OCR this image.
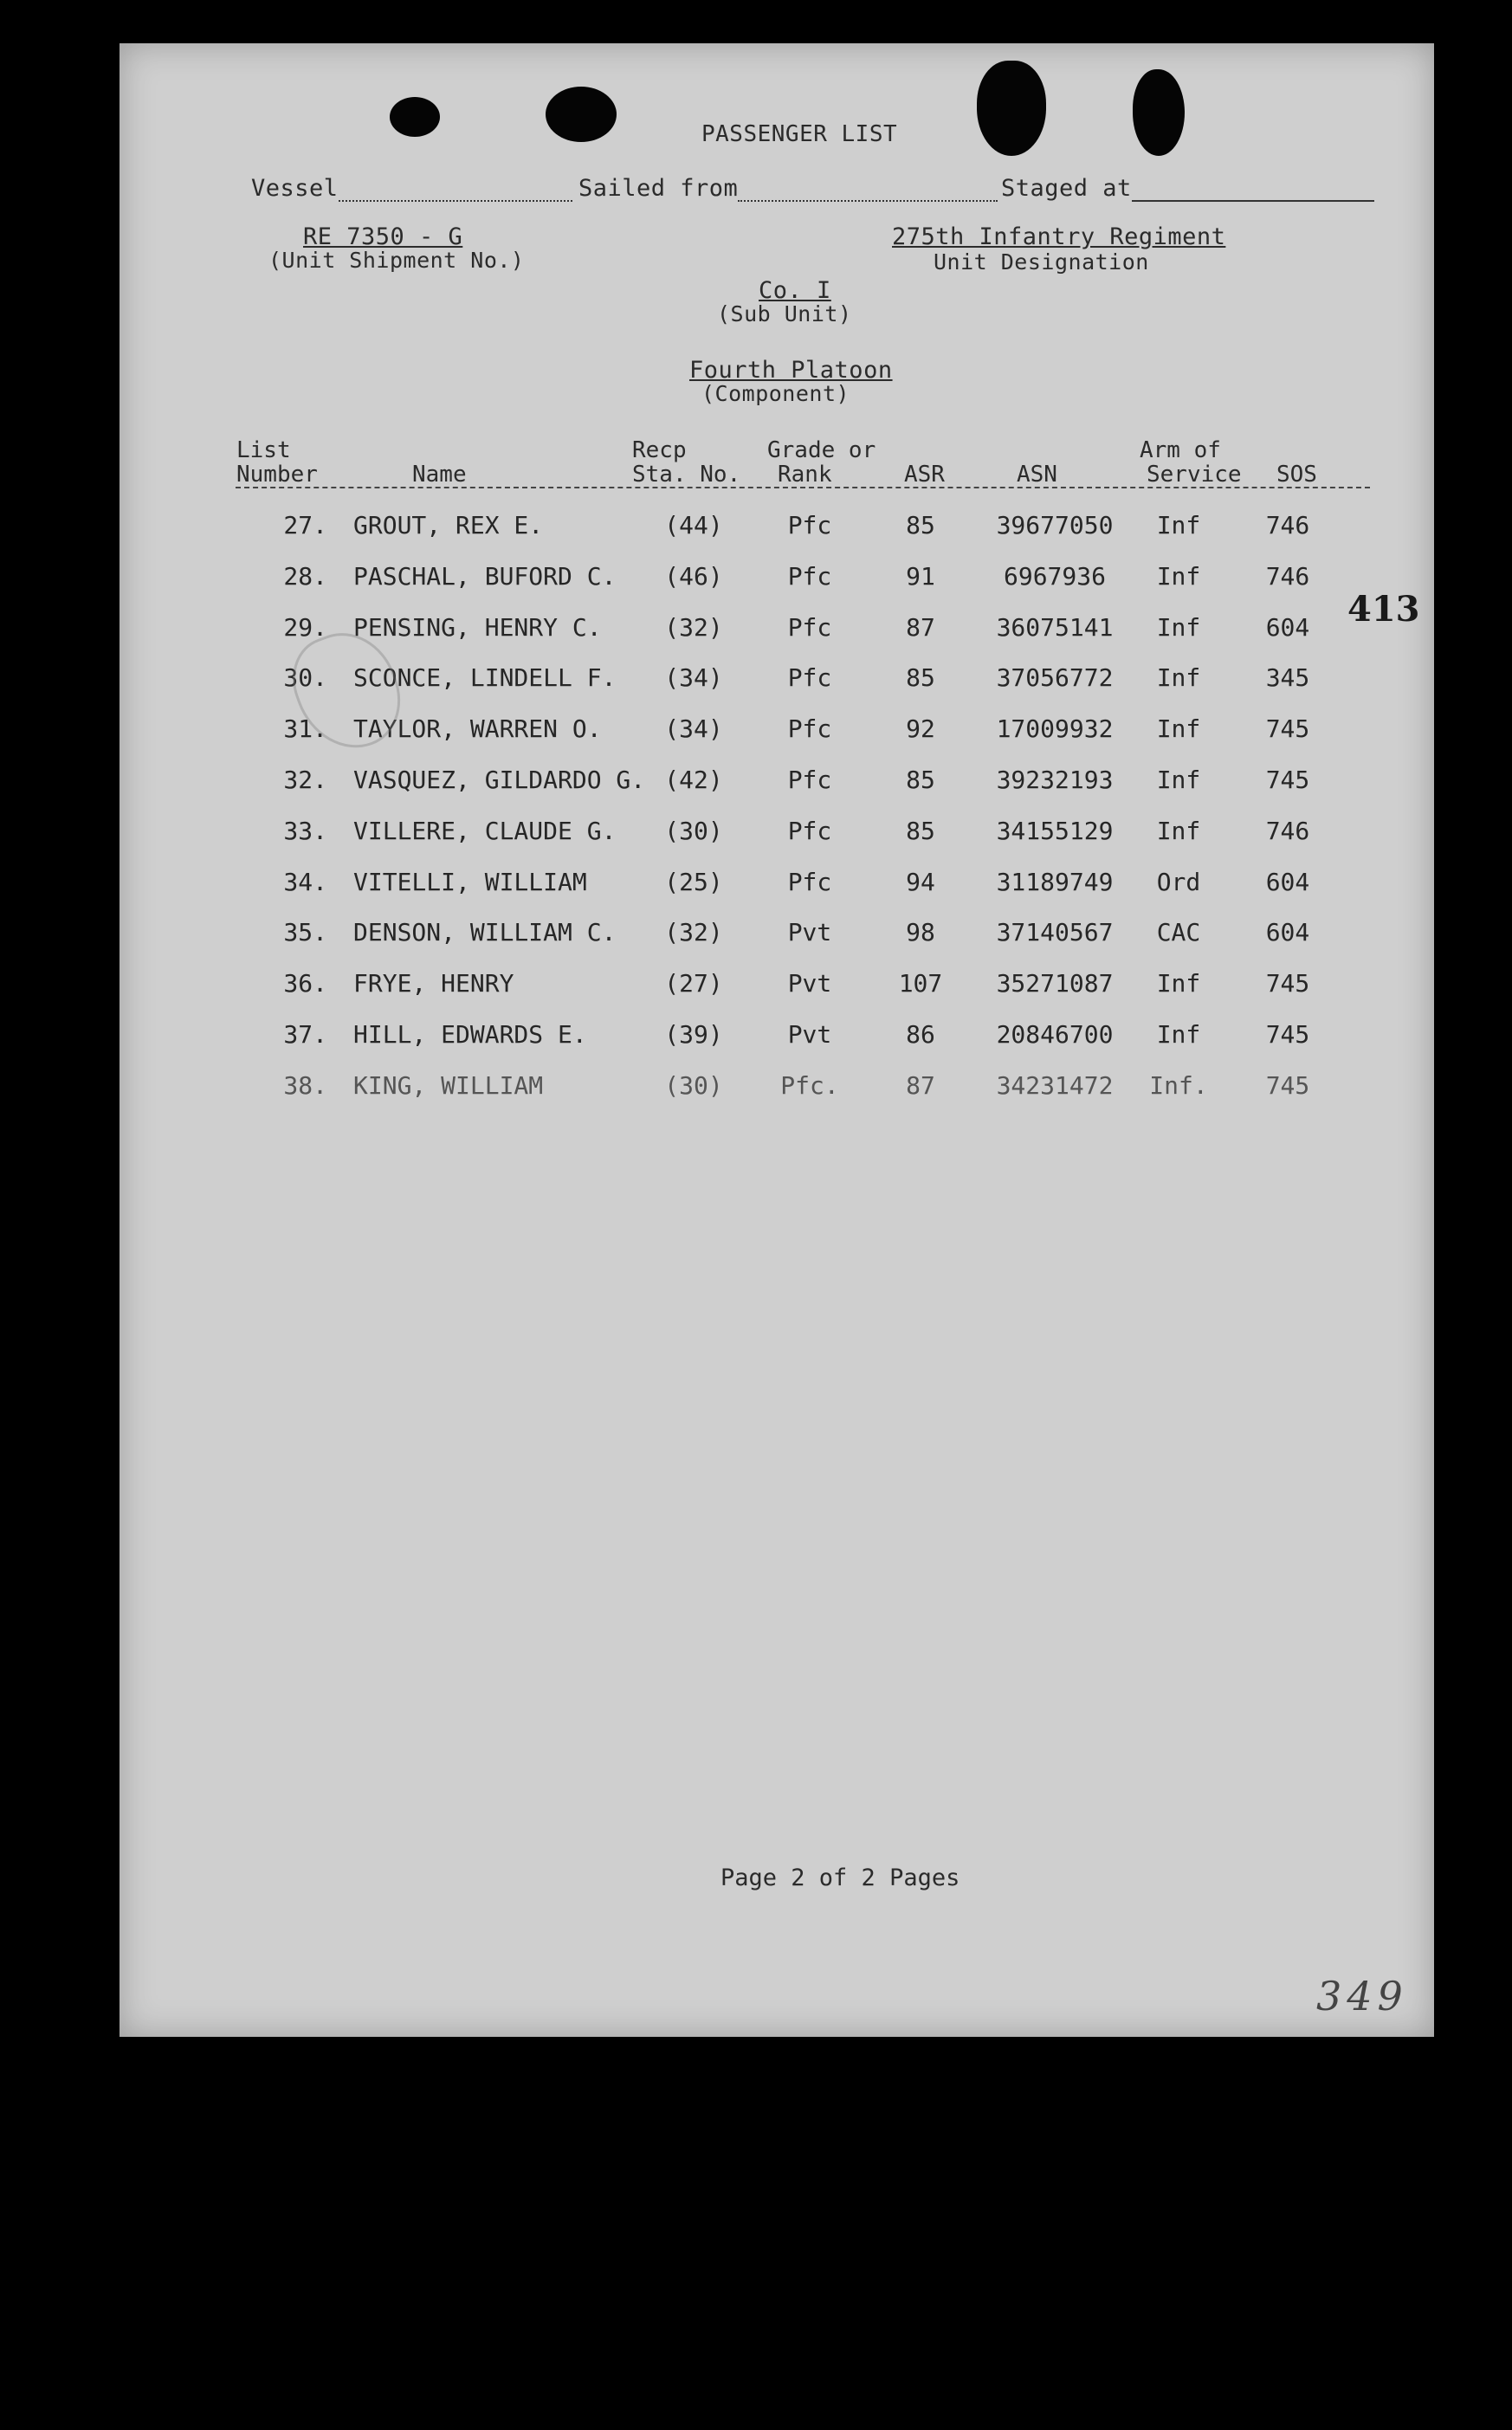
PASSENGER LIST
Vessel	Sailed from	Staged at
RE 7350 - G
(Unit Shipment No.)
275th Infantry Regiment
Unit Designation
Co. I
(Sub Unit)
Fourth Platoon
(Component)
List
Number	Name
Recp
Sta. No.
Grade or
Rank	ASR	ASN
Arm of
Service SOS
27. GROUT, REX E.	(44)	Pfc	85	39677050	Inf	746
28. PASCHAL, BUFORD C.	(46)	Pfc	91	6967936	Inf	746
29. PENSING, HENRY C.	(32)	Pfc	87	36075141	Inf	604
30. SCONCE, LINDELL F.	(34)	Pfc	85	37056772	Inf	345
31. TAYLOR, WARREN O.	(34)	Pfc	92	17009932	Inf	745
32. VASQUEZ, GILDARDO G. (42)	Pfc	85	39232193	Inf	745
33. VILLERE, CLAUDE G.	(30)	Pfc	85	34155129	Inf	746
34. VITELLI, WILLIAM	(25)	Pfc	94	31189749	Ord	604
35. DENSON, WILLIAM C.	(32)	Pvt	98	37140567	CAC	604
36. FRYE, HENRY	(27)	Pvt	107	35271087	Inf	745
37. HILL, EDWARDS E.	(39)	Pvt	86	20846700	Inf	745
38. KING, WILLIAM	(30)	Pfc.	87	34231472	Inf.	745
Page 2 of 2 Pages
413
349
